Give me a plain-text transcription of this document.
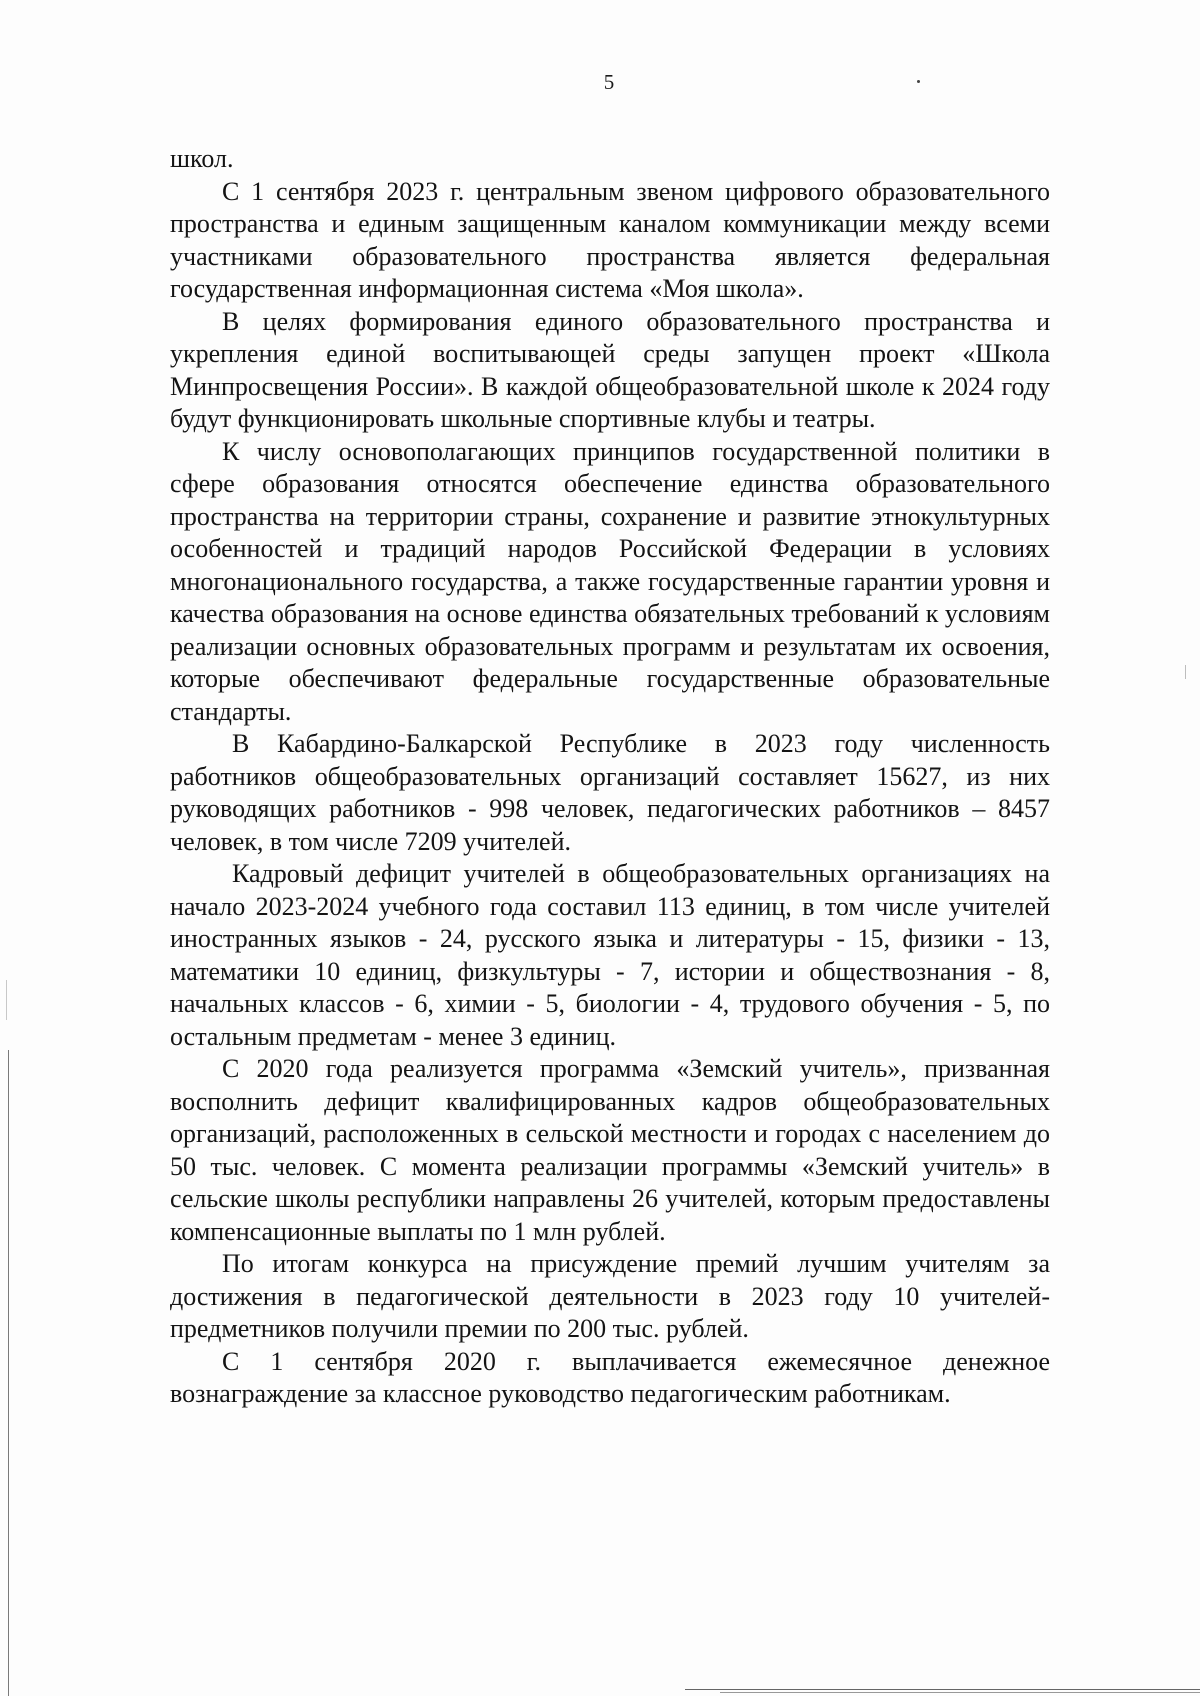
5

школ.

С 1 сентября 2023 г. центральным звеном цифрового образовательного пространства и единым защищенным каналом коммуникации между всеми участниками образовательного пространства является федеральная государственная информационная система «Моя школа».

В целях формирования единого образовательного пространства и укрепления единой воспитывающей среды запущен проект «Школа Минпросвещения России». В каждой общеобразовательной школе к 2024 году будут функционировать школьные спортивные клубы и театры.

К числу основополагающих принципов государственной политики в сфере образования относятся обеспечение единства образовательного пространства на территории страны, сохранение и развитие этнокультурных особенностей и традиций народов Российской Федерации в условиях многонационального государства, а также государственные гарантии уровня и качества образования на основе единства обязательных требований к условиям реализации основных образовательных программ и результатам их освоения, которые обеспечивают федеральные государственные образовательные стандарты.

В Кабардино-Балкарской Республике в 2023 году численность работников общеобразовательных организаций составляет 15627, из них руководящих работников - 998 человек, педагогических работников – 8457 человек, в том числе 7209 учителей.

Кадровый дефицит учителей в общеобразовательных организациях на начало 2023-2024 учебного года составил 113 единиц, в том числе учителей иностранных языков - 24, русского языка и литературы - 15, физики - 13, математики 10 единиц, физкультуры - 7, истории и обществознания - 8, начальных классов - 6, химии - 5, биологии - 4, трудового обучения - 5, по остальным предметам - менее 3 единиц.

С 2020 года реализуется программа «Земский учитель», призванная восполнить дефицит квалифицированных кадров общеобразовательных организаций, расположенных в сельской местности и городах с населением до 50 тыс. человек. С момента реализации программы «Земский учитель» в сельские школы республики направлены 26 учителей, которым предоставлены компенсационные выплаты по 1 млн рублей.

По итогам конкурса на присуждение премий лучшим учителям за достижения в педагогической деятельности в 2023 году 10 учителей-предметников получили премии по 200 тыс. рублей.

С 1 сентября 2020 г. выплачивается ежемесячное денежное вознаграждение за классное руководство педагогическим работникам.
